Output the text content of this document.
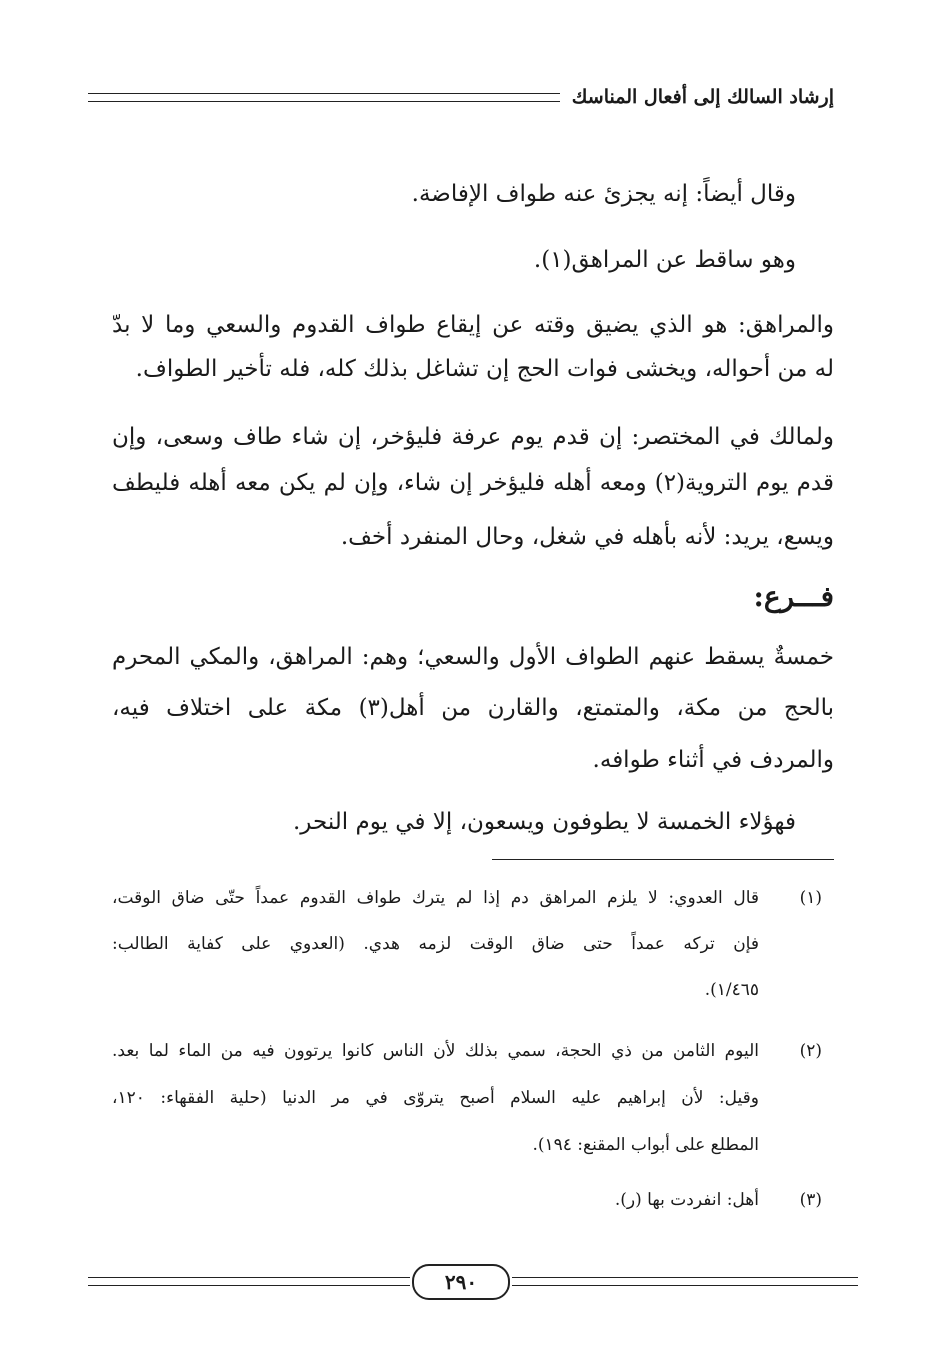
إرشاد السالك إلى أفعال المناسك
وقال أيضاً: إنه يجزئ عنه طواف الإفاضة.
وهو ساقط عن المراهق(١).
والمراهق: هو الذي يضيق وقته عن إيقاع طواف القدوم والسعي وما لا بدّ
له من أحواله، ويخشى فوات الحج إن تشاغل بذلك كله، فله تأخير الطواف.
ولمالك في المختصر: إن قدم يوم عرفة فليؤخر، إن شاء طاف وسعى، وإن
قدم يوم التروية(٢) ومعه أهله فليؤخر إن شاء، وإن لم يكن معه أهله فليطف
ويسع، يريد: لأنه بأهله في شغل، وحال المنفرد أخف.
فـــرع:
خمسةٌ يسقط عنهم الطواف الأول والسعي؛ وهم: المراهق، والمكي المحرم
بالحج من مكة، والمتمتع، والقارن من أهل(٣) مكة على اختلاف فيه،
والمردف في أثناء طوافه.
فهؤلاء الخمسة لا يطوفون ويسعون، إلا في يوم النحر.
(١)
قال العدوي: لا يلزم المراهق دم إذا لم يترك طواف القدوم عمداً حتّى ضاق الوقت،
فإن تركه عمداً حتى ضاق الوقت لزمه هدي. (العدوي على كفاية الطالب:
١/٤٦٥).
(٢)
اليوم الثامن من ذي الحجة، سمي بذلك لأن الناس كانوا يرتوون فيه من الماء لما بعد.
وقيل: لأن إبراهيم عليه السلام أصبح يتروّى في مر الدنيا (حلية الفقهاء: ١٢٠،
المطلع على أبواب المقنع: ١٩٤).
(٣)
أهل: انفردت بها (ر).
٢٩٠
